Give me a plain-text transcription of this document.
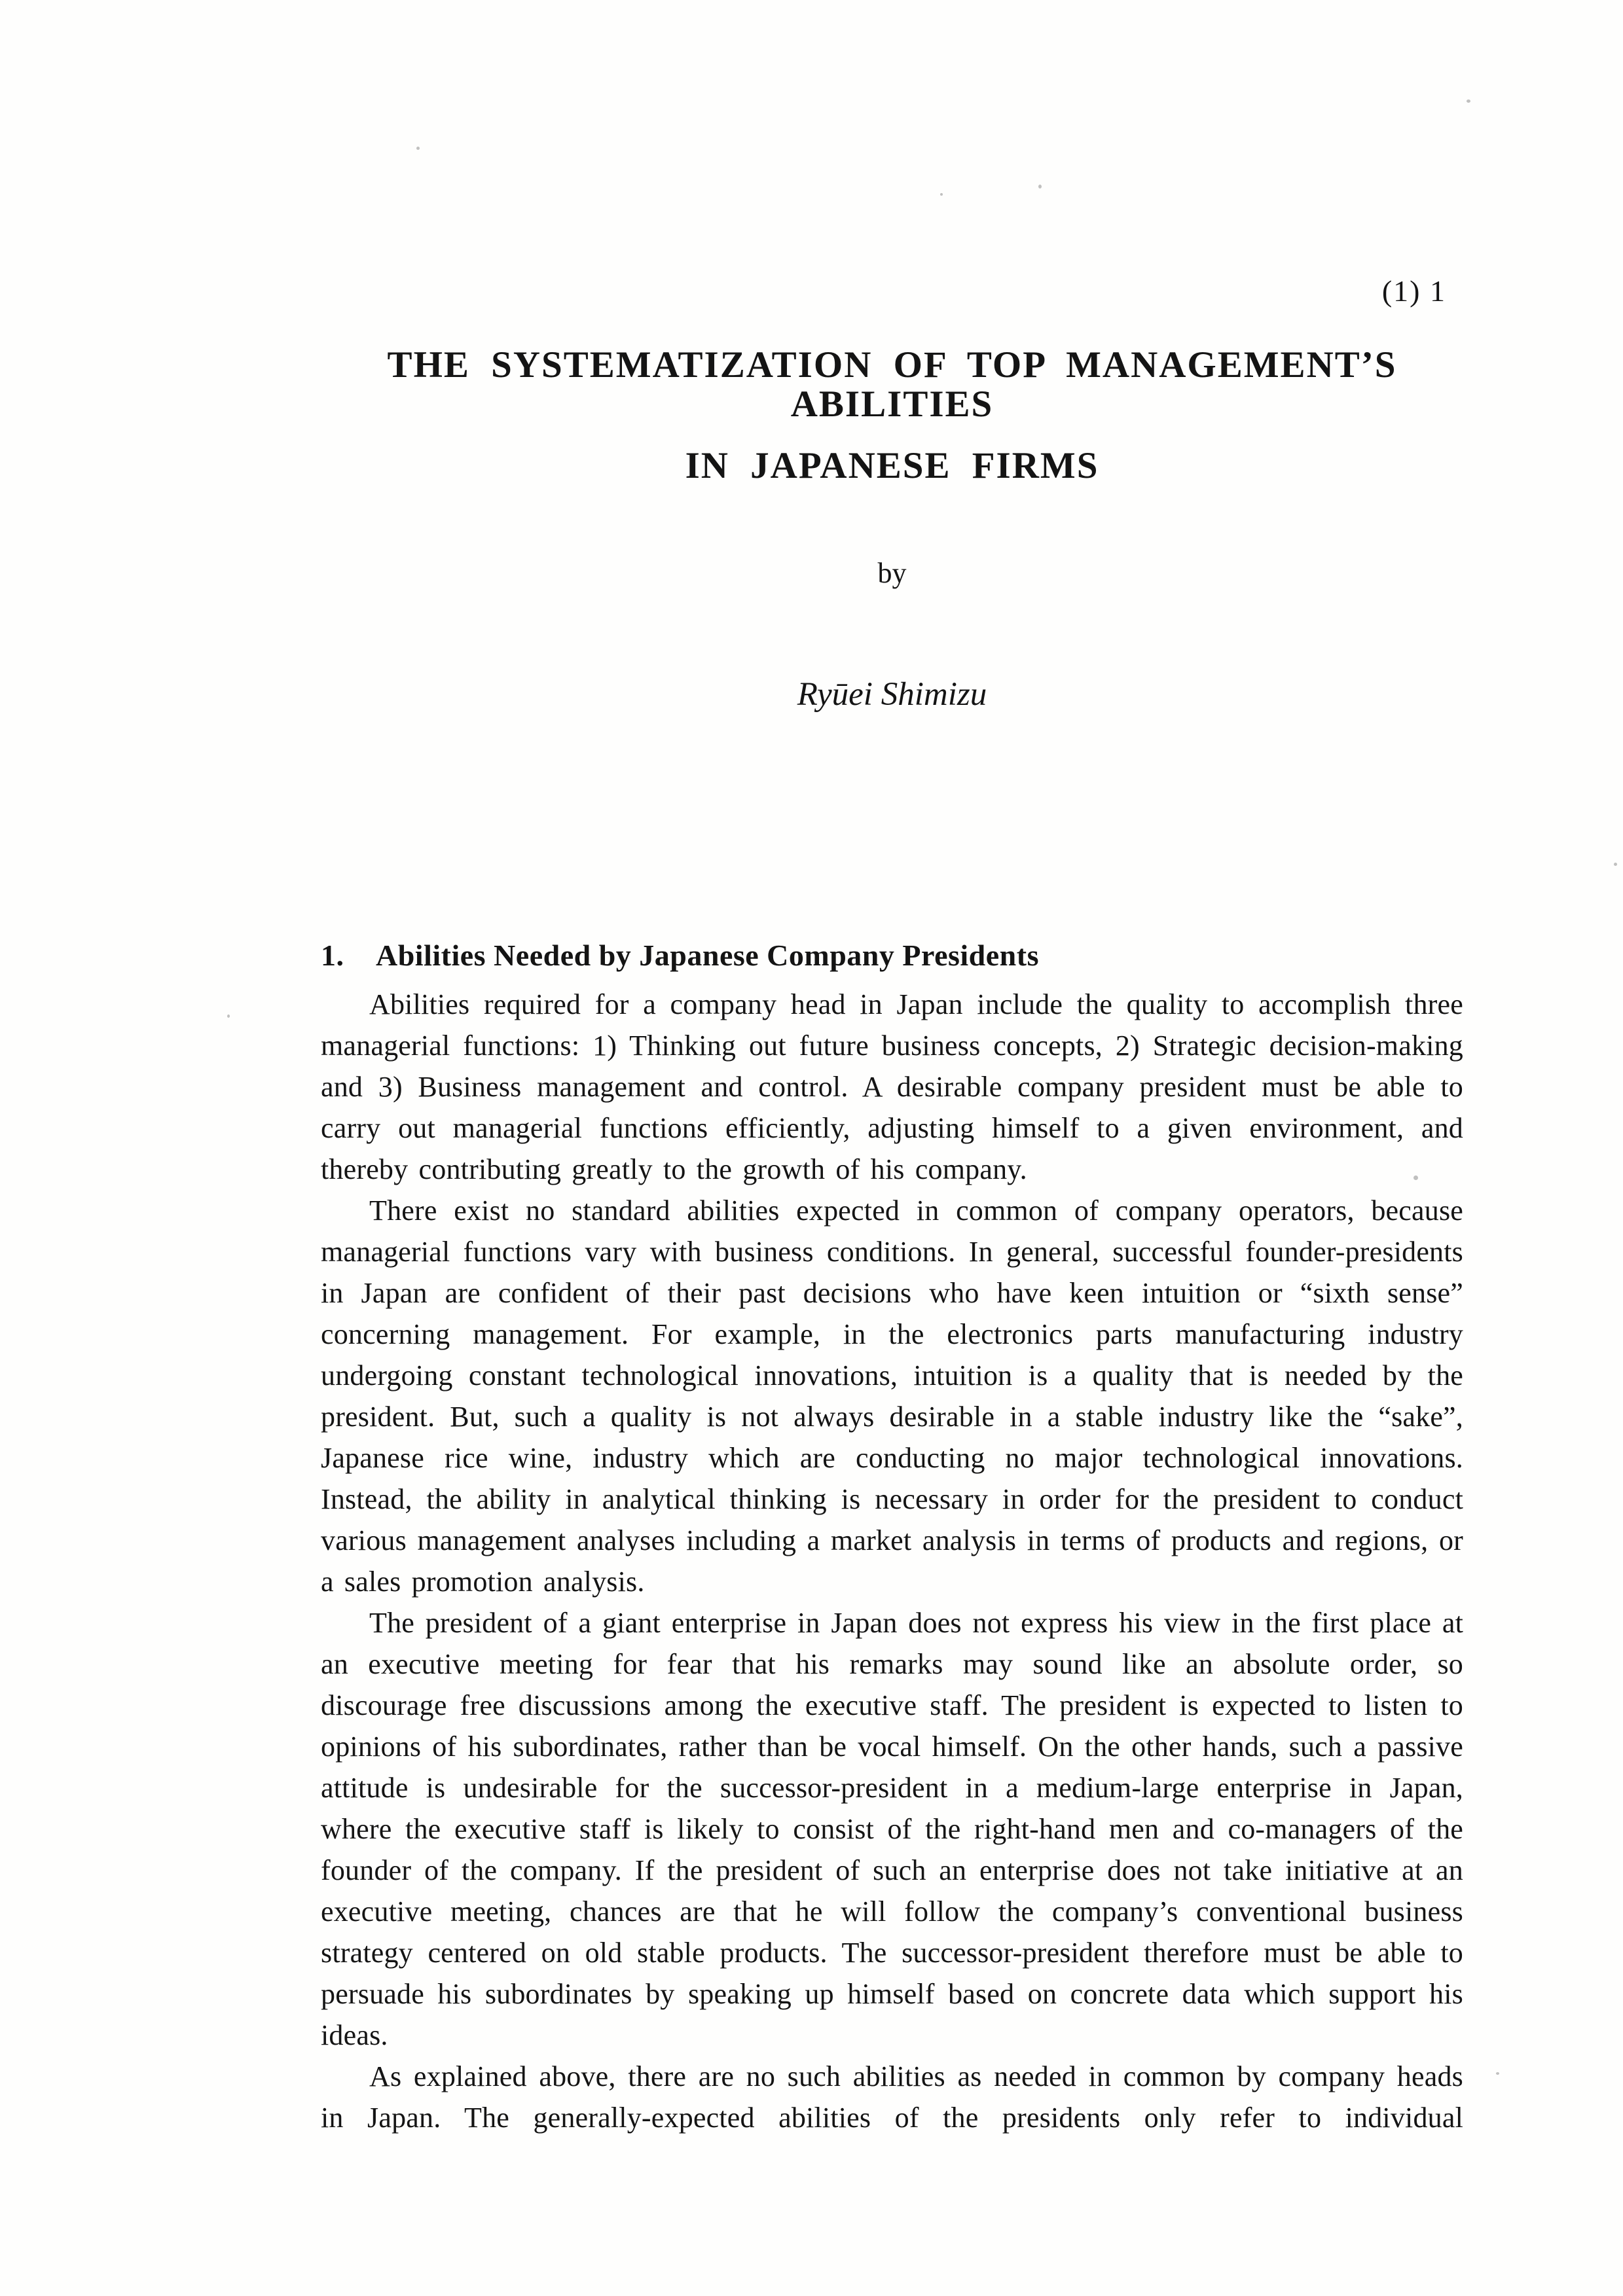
(1) 1
THE SYSTEMATIZATION OF TOP MANAGEMENT’S ABILITIES
IN JAPANESE FIRMS
by
Ryūei Shimizu
1. Abilities Needed by Japanese Company Presidents

Abilities required for a company head in Japan include the quality to accomplish three managerial functions: 1) Thinking out future business concepts, 2) Strategic decision-making and 3) Business management and control. A desirable company president must be able to carry out managerial functions efficiently, adjusting himself to a given environment, and thereby contributing greatly to the growth of his company.

There exist no standard abilities expected in common of company operators, because managerial functions vary with business conditions. In general, successful founder-presidents in Japan are confident of their past decisions who have keen intuition or “sixth sense” concerning management. For example, in the electronics parts manufacturing industry undergoing constant technological innovations, intuition is a quality that is needed by the president. But, such a quality is not always desirable in a stable industry like the “sake”, Japanese rice wine, industry which are conducting no major technological innovations. Instead, the ability in analytical thinking is necessary in order for the president to conduct various management analyses including a market analysis in terms of products and regions, or a sales promotion analysis.

The president of a giant enterprise in Japan does not express his view in the first place at an executive meeting for fear that his remarks may sound like an absolute order, so discourage free discussions among the executive staff. The president is expected to listen to opinions of his subordinates, rather than be vocal himself. On the other hands, such a passive attitude is undesirable for the successor-president in a medium-large enterprise in Japan, where the executive staff is likely to consist of the right-hand men and co-managers of the founder of the company. If the president of such an enterprise does not take initiative at an executive meeting, chances are that he will follow the company’s conventional business strategy centered on old stable products. The successor-president therefore must be able to persuade his subordinates by speaking up himself based on concrete data which support his ideas.

As explained above, there are no such abilities as needed in common by company heads in Japan. The generally-expected abilities of the presidents only refer to individual
